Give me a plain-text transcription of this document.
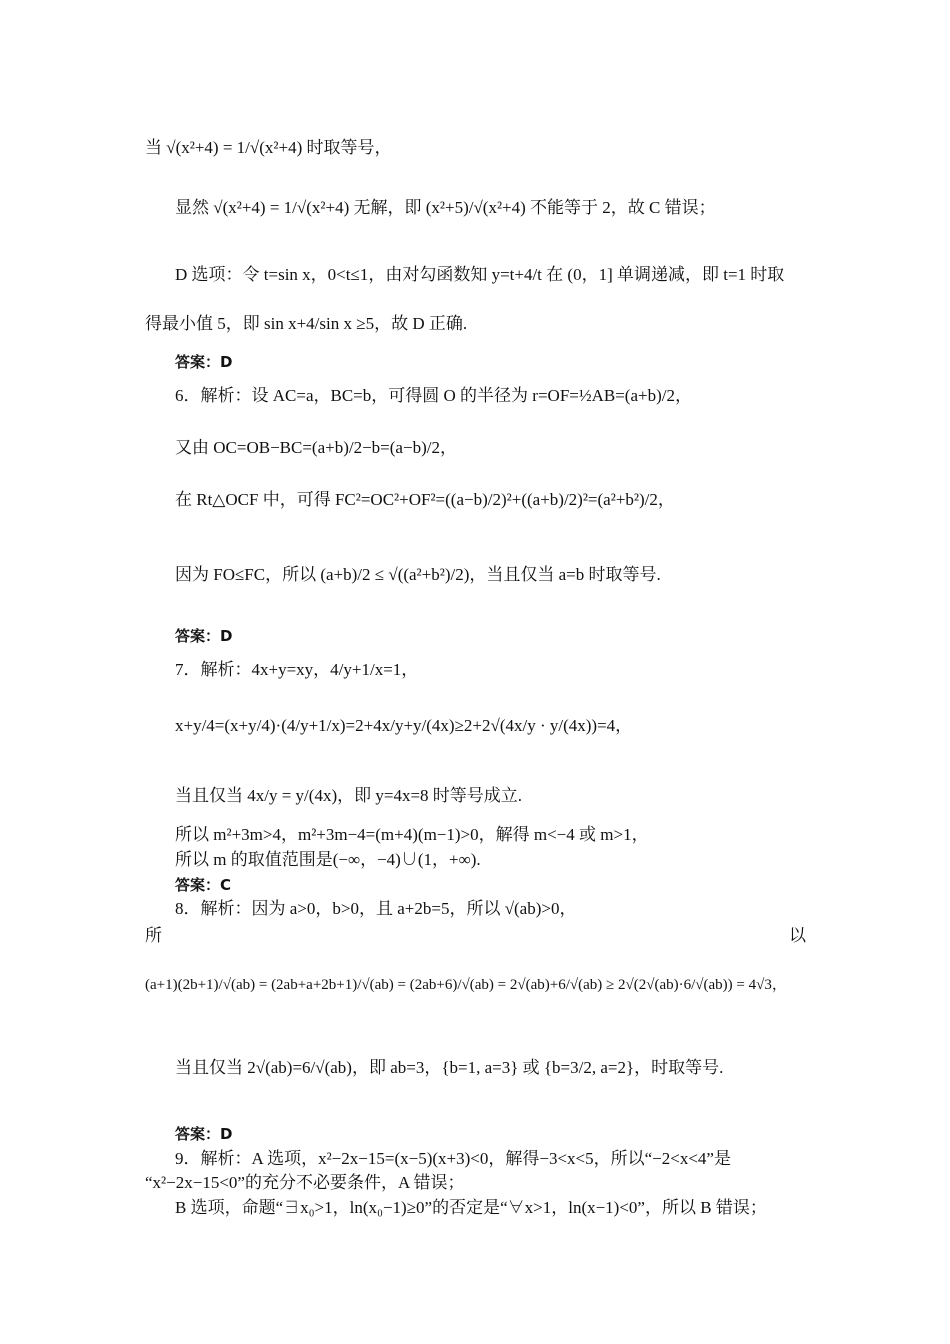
当 √(x²+4) = 1/√(x²+4) 时取等号，
显然 √(x²+4) = 1/√(x²+4) 无解，即 (x²+5)/√(x²+4) 不能等于 2，故 C 错误；
D 选项：令 t=sin x，0<t≤1，由对勾函数知 y=t+4/t 在 (0，1] 单调递减，即 t=1 时取
得最小值 5，即 sin x+4/sin x ≥5，故 D 正确.
答案：D
6．解析：设 AC=a，BC=b，可得圆 O 的半径为 r=OF=½AB=(a+b)/2，
又由 OC=OB−BC=(a+b)/2−b=(a−b)/2，
在 Rt△OCF 中，可得 FC²=OC²+OF²=((a−b)/2)²+((a+b)/2)²=(a²+b²)/2，
因为 FO≤FC，所以 (a+b)/2 ≤ √((a²+b²)/2)，当且仅当 a=b 时取等号.
答案：D
7．解析：4x+y=xy，4/y+1/x=1，
x+y/4=(x+y/4)·(4/y+1/x)=2+4x/y+y/(4x)≥2+2√(4x/y · y/(4x))=4，
当且仅当 4x/y = y/(4x)，即 y=4x=8 时等号成立.
所以 m²+3m>4，m²+3m−4=(m+4)(m−1)>0，解得 m<−4 或 m>1，
所以 m 的取值范围是(−∞，−4)∪(1，+∞).
答案：C
8．解析：因为 a>0，b>0，且 a+2b=5，所以 √(ab)>0，
所	以
(a+1)(2b+1)/√(ab) = (2ab+a+2b+1)/√(ab) = (2ab+6)/√(ab) = 2√(ab)+6/√(ab) ≥ 2√(2√(ab)·6/√(ab)) = 4√3，
当且仅当 2√(ab)=6/√(ab)，即 ab=3，{b=1, a=3} 或 {b=3/2, a=2}，时取等号.
答案：D
9．解析：A 选项，x²−2x−15=(x−5)(x+3)<0，解得−3<x<5，所以“−2<x<4”是
“x²−2x−15<0”的充分不必要条件，A 错误；
B 选项，命题“∃x₀>1，ln(x₀−1)≥0”的否定是“∀x>1，ln(x−1)<0”，所以 B 错误；
